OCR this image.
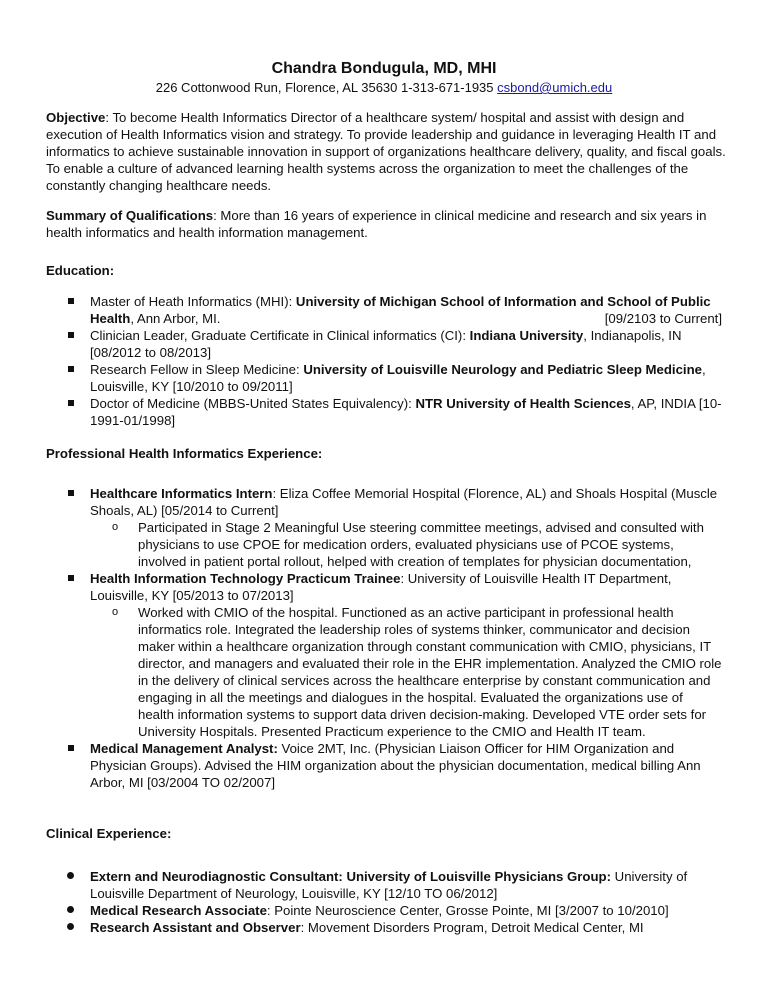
Chandra Bondugula, MD, MHI
226 Cottonwood Run, Florence, AL 35630 1-313-671-1935 csbond@umich.edu
Objective: To become Health Informatics Director of a healthcare system/ hospital and assist with design and execution of Health Informatics vision and strategy. To provide leadership and guidance in leveraging Health IT and informatics to achieve sustainable innovation in support of organizations healthcare delivery, quality, and fiscal goals. To enable a culture of advanced learning health systems across the organization to meet the challenges of the constantly changing healthcare needs.
Summary of Qualifications: More than 16 years of experience in clinical medicine and research and six years in health informatics and health information management.
Education:
Master of Heath Informatics (MHI): University of Michigan School of Information and School of Public Health, Ann Arbor, MI.	[09/2103 to Current]
Clinician Leader, Graduate Certificate in Clinical informatics (CI): Indiana University, Indianapolis, IN [08/2012 to 08/2013]
Research Fellow in Sleep Medicine: University of Louisville Neurology and Pediatric Sleep Medicine, Louisville, KY [10/2010 to 09/2011]
Doctor of Medicine (MBBS-United States Equivalency): NTR University of Health Sciences, AP, INDIA [10-1991-01/1998]
Professional Health Informatics Experience:
Healthcare Informatics Intern: Eliza Coffee Memorial Hospital (Florence, AL) and Shoals Hospital (Muscle Shoals, AL) [05/2014 to Current]
o Participated in Stage 2 Meaningful Use steering committee meetings, advised and consulted with physicians to use CPOE for medication orders, evaluated physicians use of PCOE systems, involved in patient portal rollout, helped with creation of templates for physician documentation,
Health Information Technology Practicum Trainee: University of Louisville Health IT Department, Louisville, KY [05/2013 to 07/2013]
o Worked with CMIO of the hospital. Functioned as an active participant in professional health informatics role. Integrated the leadership roles of systems thinker, communicator and decision maker within a healthcare organization through constant communication with CMIO, physicians, IT director, and managers and evaluated their role in the EHR implementation. Analyzed the CMIO role in the delivery of clinical services across the healthcare enterprise by constant communication and engaging in all the meetings and dialogues in the hospital. Evaluated the organizations use of health information systems to support data driven decision-making. Developed VTE order sets for University Hospitals. Presented Practicum experience to the CMIO and Health IT team.
Medical Management Analyst: Voice 2MT, Inc. (Physician Liaison Officer for HIM Organization and Physician Groups). Advised the HIM organization about the physician documentation, medical billing Ann Arbor, MI [03/2004 TO 02/2007]
Clinical Experience:
Extern and Neurodiagnostic Consultant: University of Louisville Physicians Group: University of Louisville Department of Neurology, Louisville, KY [12/10 TO 06/2012]
Medical Research Associate: Pointe Neuroscience Center, Grosse Pointe, MI [3/2007 to 10/2010]
Research Assistant and Observer: Movement Disorders Program, Detroit Medical Center, MI
